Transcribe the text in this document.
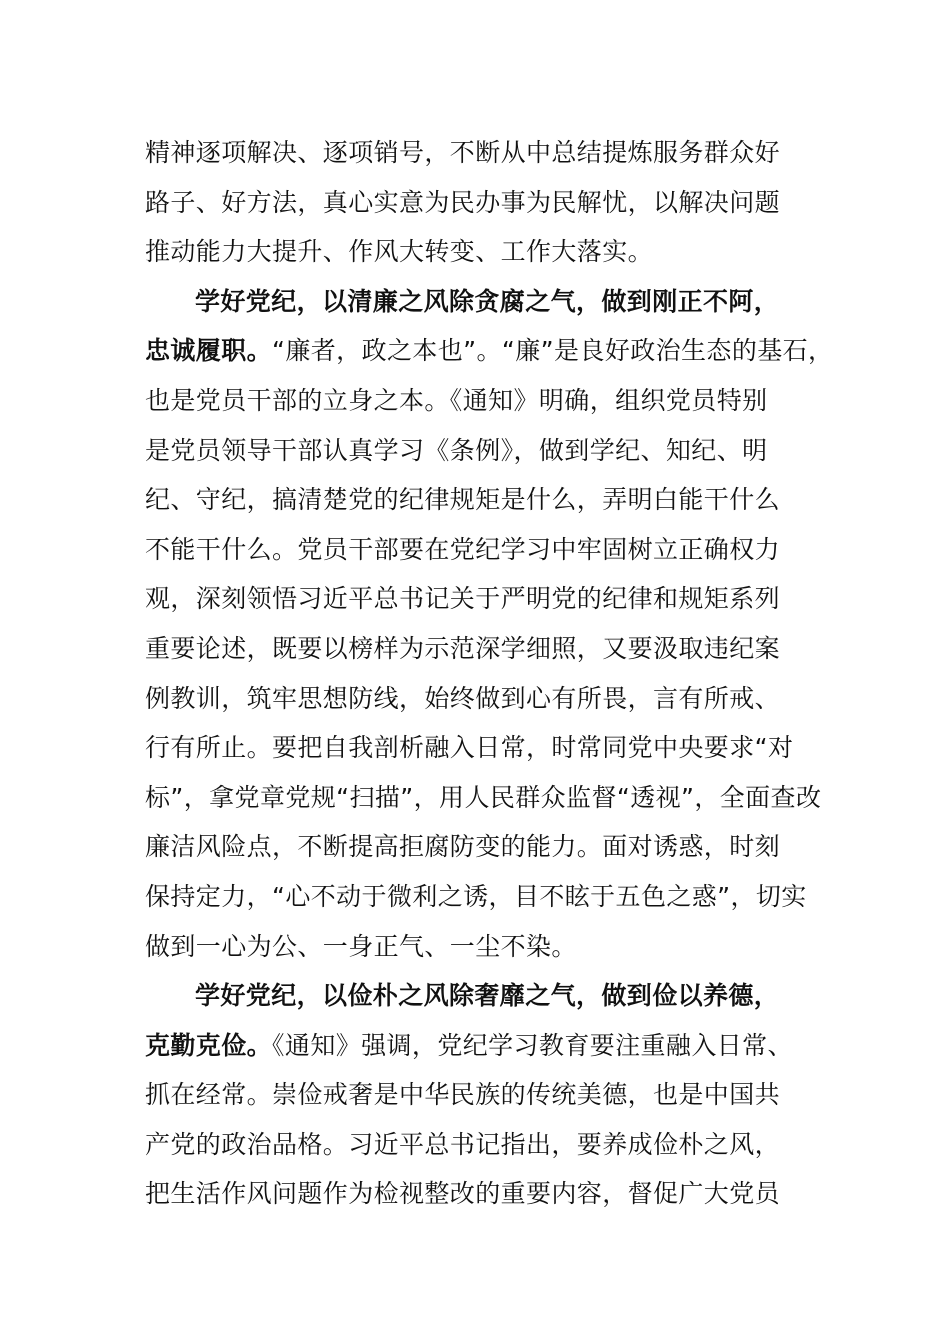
精神逐项解决、逐项销号，不断从中总结提炼服务群众好
路子、好方法，真心实意为民办事为民解忧，以解决问题
推动能力大提升、作风大转变、工作大落实。
学好党纪，以清廉之风除贪腐之气，做到刚正不阿，
忠诚履职。“廉者，政之本也”。“廉”是良好政治生态的基石，
也是党员干部的立身之本。《通知》明确，组织党员特别
是党员领导干部认真学习《条例》，做到学纪、知纪、明
纪、守纪，搞清楚党的纪律规矩是什么，弄明白能干什么
不能干什么。党员干部要在党纪学习中牢固树立正确权力
观，深刻领悟习近平总书记关于严明党的纪律和规矩系列
重要论述，既要以榜样为示范深学细照，又要汲取违纪案
例教训，筑牢思想防线，始终做到心有所畏，言有所戒、
行有所止。要把自我剖析融入日常，时常同党中央要求“对
标”，拿党章党规“扫描”，用人民群众监督“透视”，全面查改
廉洁风险点，不断提高拒腐防变的能力。面对诱惑，时刻
保持定力，“心不动于微利之诱，目不眩于五色之惑”，切实
做到一心为公、一身正气、一尘不染。
学好党纪，以俭朴之风除奢靡之气，做到俭以养德，
克勤克俭。《通知》强调，党纪学习教育要注重融入日常、
抓在经常。崇俭戒奢是中华民族的传统美德，也是中国共
产党的政治品格。习近平总书记指出，要养成俭朴之风，
把生活作风问题作为检视整改的重要内容，督促广大党员
